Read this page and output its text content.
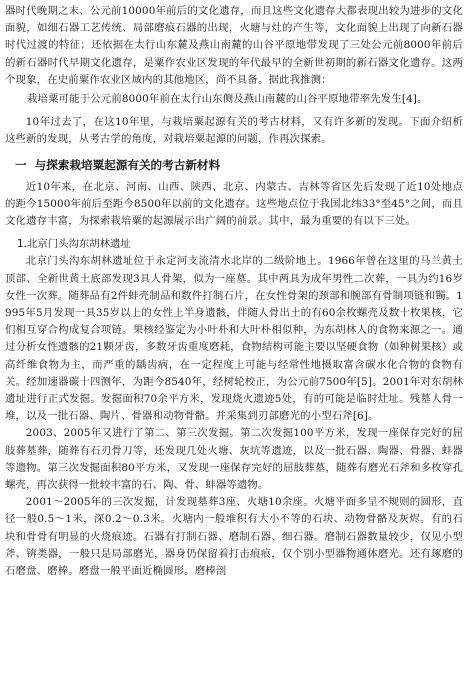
器时代晚期之末、公元前10000年前后的文化遗存，而且这些文化遗存大都表现出较为进步的文化面貌，如细石器工艺传统、局部磨痕石器的出现，火塘与灶的产生等，文化面貌上出现了向新石器时代过渡的特征；还依据在太行山东麓及燕山南麓的山谷平原地带发现了三处公元前8000年前后的新石器时代早期文化遗存，是粟作农业区发现的年代最早的全新世初期的新石器文化遗存。这两个现象，在史前粟作农业区域内的其他地区，尚不具备。据此我推测：

栽培粟可能于公元前8000年前在太行山东侧及燕山南麓的山谷平原地带率先发生[4]。

10年过去了，在这10年里，与栽培粟起源有关的考古材料，又有许多新的发现。下面介绍析这些新的发现，从考古学的角度，对栽培粟起源的问题，作再次探索。

一 与探索栽培粟起源有关的考古新材料

近10年来，在北京、河南、山西、陕西、北京、内蒙古、吉林等省区先后发现了近10处地点的距今15000年前后至距今8500年以前的文化遗存。这些地点位于我国北纬33°至45°之间，而且文化遗存丰富，为探索栽培粟的起源展示出广阔的前景。其中，最为重要的有以下三处。

1.北京门头沟东胡林遗址

北京门头沟东胡林遗址位于永定河支流清水北岸的二级阶地上。1966年曾在这里的马兰黄土顶部、全新世黄土底部发现3具人骨架，似为一座墓。其中两具为成年男性二次葬，一具为约16岁女性一次葬。随葬品有2件蚌壳制品和数件打制石片，在女性骨架的颈部和腕部有骨制项链和镯。1995年5月发现一具35岁以上的女性上半身遗骸，伴随人骨出土的有60余枚螺壳及数十枚果核，它们相互穿合构成复合项链。果核经鉴定为小叶朴和大叶朴相似种，为东胡林人的食物来源之一。通过分析女性遗骸的21颗牙齿，多数牙齿重度磨耗，食物结构可能主要以坚硬食物（如种树果核）或高纤维食物为主，而严重的龋齿病，在一定程度上可能与经常性地摄取富含碳水化合物的食物有关。经加速器碳十四测年，为距今8540年，经树轮校正，为公元前7500年[5]。2001年对东胡林遗址进行正式发掘。发掘面积70余平方米，发现烧火遗迹5处，有的可能是临时灶址。残墓人骨一堆，以及一批石器、陶片、骨器和动物骨骼。并采集到刃部磨光的小型石斧[6]。

2003、2005年又进行了第二、第三次发掘。第二次发掘100平方米，发现一座保存完好的屈肢葬墓葬，随葬有石刃骨刀等，还发现几处火塘、灰坑等遗迹，以及一批石器、陶器、骨器、蚌器等遗物。第三次发掘面积80平方米，又发现一座保存完好的屈肢葬墓，随葬有磨光石斧和多枚穿孔螺壳，再次获得一批较丰富的石、陶、骨、蚌器等遗物。

2001～2005年的三次发掘，计发现墓葬3座、火塘10余座。火塘平面多呈不规则的圆形，直径一般0.5～1米，深0.2～0.3米。火塘内一般堆积有大小不等的石块、动物骨骼及灰烬。有的石块和骨骨有明显的火烧痕迹。石器有打制石器、磨制石器、细石器。磨制石器数量较少，仅见小型斧、锛类器，一般只是局部磨光，器身仍保留着打击痕痕，仅个别小型器物通体磨光。还有琢磨的石磨盘、磨棒。磨盘一般平面近椭圆形。磨棒剖
